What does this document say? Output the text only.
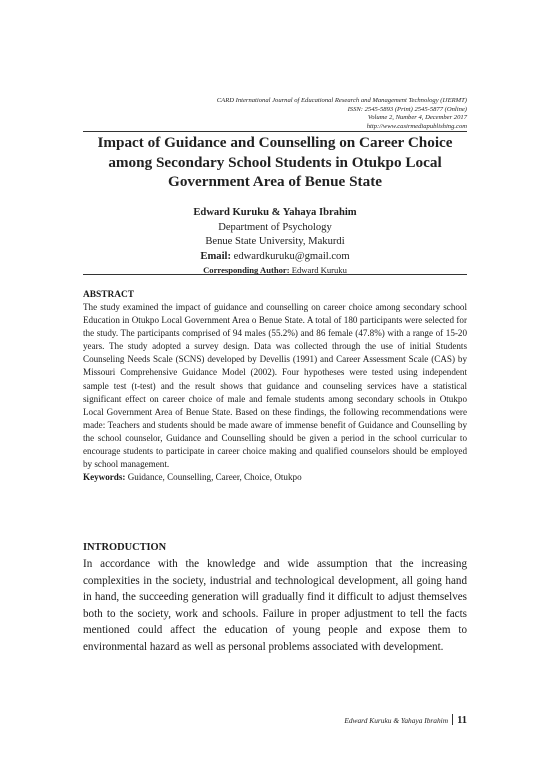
CARD International Journal of Educational Research and Management Technology (IJERMT)
ISSN: 2545-5893 (Print) 2545-5877 (Online)
Volume 2, Number 4, December 2017
http://www.casirmediapublishing.com
Impact of Guidance and Counselling on Career Choice among Secondary School Students in Otukpo Local Government Area of Benue State
Edward Kuruku & Yahaya Ibrahim
Department of Psychology
Benue State University, Makurdi
Email: edwardkuruku@gmail.com
Corresponding Author: Edward Kuruku

ABSTRACT

The study examined the impact of guidance and counselling on career choice among secondary school Education in Otukpo Local Government Area o Benue State. A total of 180 participants were selected for the study. The participants comprised of 94 males (55.2%) and 86 female (47.8%) with a range of 15-20 years. The study adopted a survey design. Data was collected through the use of initial Students Counseling Needs Scale (SCNS) developed by Devellis (1991) and Career Assessment Scale (CAS) by Missouri Comprehensive Guidance Model (2002). Four hypotheses were tested using independent sample test (t-test) and the result shows that guidance and counseling services have a statistical significant effect on career choice of male and female students among secondary schools in Otukpo Local Government Area of Benue State. Based on these findings, the following recommendations were made: Teachers and students should be made aware of immense benefit of Guidance and Counselling by the school counselor, Guidance and Counselling should be given a period in the school curricular to encourage students to participate in career choice making and qualified counselors should be employed by school management.

Keywords: Guidance, Counselling, Career, Choice, Otukpo

INTRODUCTION

In accordance with the knowledge and wide assumption that the increasing complexities in the society, industrial and technological development, all going hand in hand, the succeeding generation will gradually find it difficult to adjust themselves both to the society, work and schools. Failure in proper adjustment to tell the facts mentioned could affect the education of young people and expose them to environmental hazard as well as personal problems associated with development.

Edward Kuruku & Yahaya Ibrahim 11
